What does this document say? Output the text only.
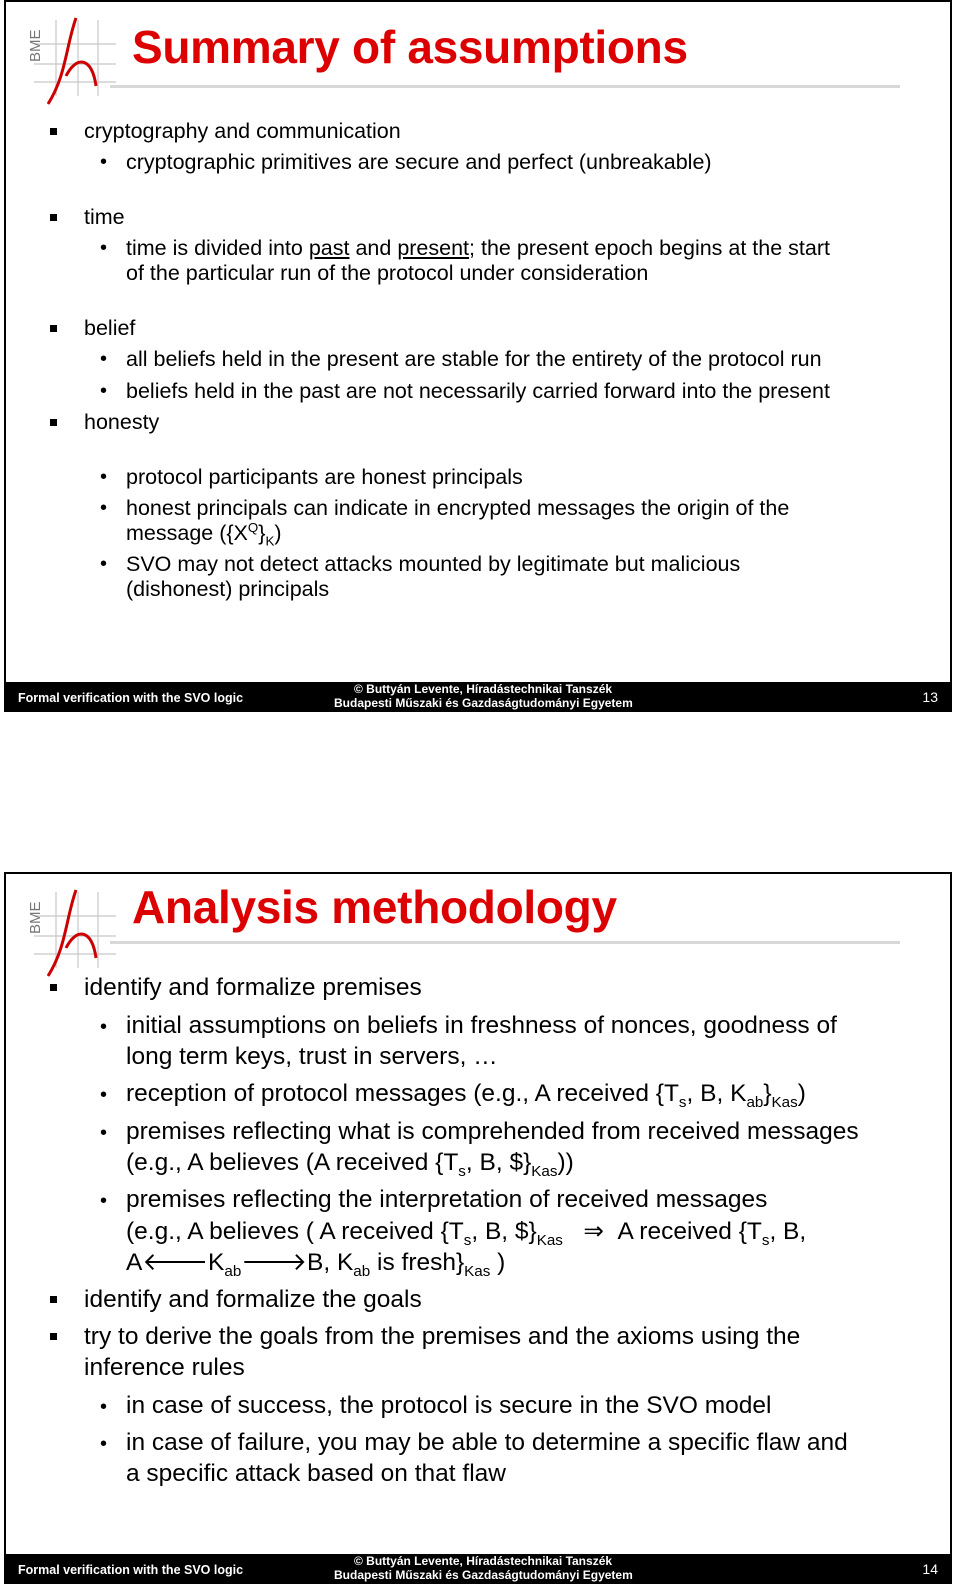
BME Summary of assumptions
cryptography and communication
• cryptographic primitives are secure and perfect (unbreakable)
time
• time is divided into past and present; the present epoch begins at the start
of the particular run of the protocol under consideration
belief
• all beliefs held in the present are stable for the entirety of the protocol run
• beliefs held in the past are not necessarily carried forward into the present
honesty
• protocol participants are honest principals
• honest principals can indicate in encrypted messages the origin of the
message $(\{X^Q\}_K)$
• SVO may not detect attacks mounted by legitimate but malicious
(dishonest) principals
Formal verification with the SVO logic
© Buttyán Levente, Híradástechnikai Tanszék
Budapesti Műszaki és Gazdaságtudományi Egyetem	13
BME Analysis methodology
identify and formalize premises
• initial assumptions on beliefs in freshness of nonces, goodness of
long term keys, trust in servers, …
• reception of protocol messages (e.g., A received {$T_s$, B, $K_{ab}\}_{Kas}$)
• premises reflecting what is comprehended from received messages
(e.g., A believes (A received {$T_s$, B, $\$\}_{Kas}$))
• premises reflecting the interpretation of received messages
(e.g., A believes ( A received {$T_s$, B, $\$\}_{Kas}$ ⇒ A received {$T_s$, B,
$A🡐K_{ab}🡒B$, $K_{ab}$ is $fresh\}_{Kas}$ )
identify and formalize the goals
try to derive the goals from the premises and the axioms using the
inference rules
• in case of success, the protocol is secure in the SVO model
• in case of failure, you may be able to determine a specific flaw and
a specific attack based on that flaw
Formal verification with the SVO logic
© Buttyán Levente, Híradástechnikai Tanszék
Budapesti Műszaki és Gazdaságtudományi Egyetem	14
